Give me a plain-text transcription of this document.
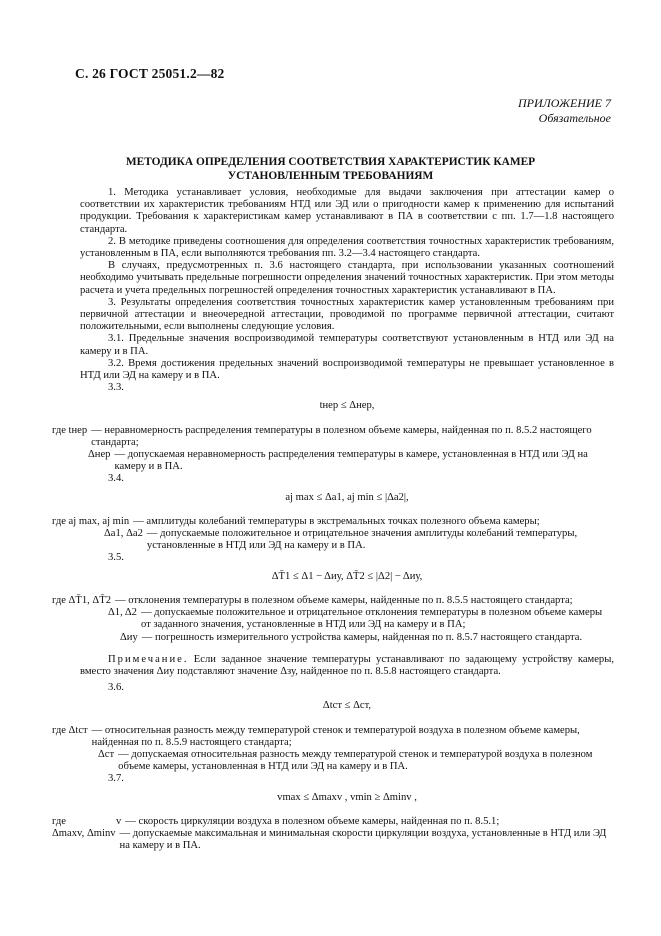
С. 26 ГОСТ 25051.2—82
ПРИЛОЖЕНИЕ 7
Обязательное
МЕТОДИКА ОПРЕДЕЛЕНИЯ СООТВЕТСТВИЯ ХАРАКТЕРИСТИК КАМЕР
УСТАНОВЛЕННЫМ ТРЕБОВАНИЯМ

1. Методика устанавливает условия, необходимые для выдачи заключения при аттестации камер о соответствии их характеристик требованиям НТД или ЭД или о пригодности камер к применению для испытаний продукции. Требования к характеристикам камер устанавливают в ПА в соответствии с пп. 1.7—1.8 настоящего стандарта.

2. В методике приведены соотношения для определения соответствия точностных характеристик требованиям, установленным в ПА, если выполняются требования пп. 3.2—3.4 настоящего стандарта.

В случаях, предусмотренных п. 3.6 настоящего стандарта, при использовании указанных соотношений необходимо учитывать предельные погрешности определения значений точностных характеристик. При этом методы расчета и учета предельных погрешностей определения точностных характеристик устанавливают в ПА.

3. Результаты определения соответствия точностных характеристик камер установленным требованиям при первичной аттестации и внеочередной аттестации, проводимой по программе первичной аттестации, считают положительными, если выполнены следующие условия.

3.1. Предельные значения воспроизводимой температуры соответствуют установленным в НТД или ЭД на камеру и в ПА.

3.2. Время достижения предельных значений воспроизводимой температуры не превышает установленное в НТД или ЭД на камеру и в ПА.

3.3.

tнер ≤ Δнер,

где tнер — неравномерность распределения температуры в полезном объеме камеры, найденная по п. 8.5.2 настоящего стандарта;
Δнер — допускаемая неравномерность распределения температуры в камере, установленная в НТД или ЭД на камеру и в ПА.

3.4.

aj max ≤ Δa1, aj min ≤ |Δa2|,

где aj max, aj min — амплитуды колебаний температуры в экстремальных точках полезного объема камеры;
Δa1, Δa2 — допускаемые положительное и отрицательное значения амплитуды колебаний температуры, установленные в НТД или ЭД на камеру и в ПА.

3.5.

ΔT̄1 ≤ Δ1 − Δиу, ΔT̄2 ≤ |Δ2| − Δиу,

где ΔT̄1, ΔT̄2 — отклонения температуры в полезном объеме камеры, найденные по п. 8.5.5 настоящего стандарта;
Δ1, Δ2 — допускаемые положительное и отрицательное отклонения температуры в полезном объеме камеры от заданного значения, установленные в НТД или ЭД на камеру и в ПА;
Δиу — погрешность измерительного устройства камеры, найденная по п. 8.5.7 настоящего стандарта.

Примечание. Если заданное значение температуры устанавливают по задающему устройству камеры, вместо значения Δиу подставляют значение Δзу, найденное по п. 8.5.8 настоящего стандарта.

3.6.

Δtст ≤ Δст,

где Δtст — относительная разность между температурой стенок и температурой воздуха в полезном объеме камеры, найденная по п. 8.5.9 настоящего стандарта;
Δст — допускаемая относительная разность между температурой стенок и температурой воздуха в полезном объеме камеры, установленная в НТД или ЭД на камеру и в ПА.

3.7.

vmax ≤ Δmaxv , vmin ≥ Δminv ,

где	v — скорость циркуляции воздуха в полезном объеме камеры, найденная по п. 8.5.1;
Δmaxv, Δminv — допускаемые максимальная и минимальная скорости циркуляции воздуха, установленные в НТД или ЭД на камеру и в ПА.
